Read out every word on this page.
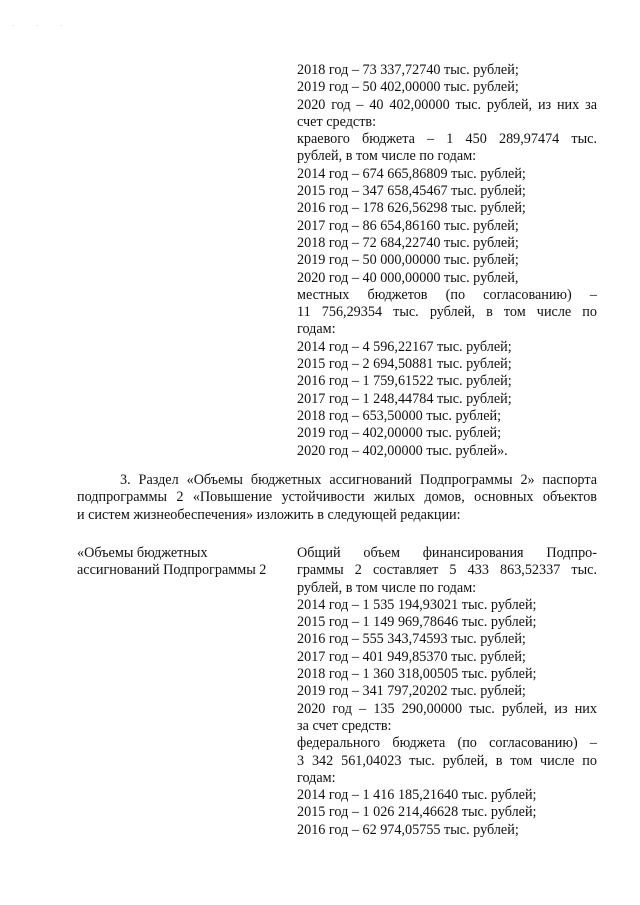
· · ·
2018 год – 73 337,72740 тыс. рублей;
2019 год – 50 402,00000 тыс. рублей;
2020 год – 40 402,00000 тыс. рублей, из них за
счет средств:
краевого бюджета – 1 450 289,97474 тыс.
рублей, в том числе по годам:
2014 год – 674 665,86809 тыс. рублей;
2015 год – 347 658,45467 тыс. рублей;
2016 год – 178 626,56298 тыс. рублей;
2017 год – 86 654,86160 тыс. рублей;
2018 год – 72 684,22740 тыс. рублей;
2019 год – 50 000,00000 тыс. рублей;
2020 год – 40 000,00000 тыс. рублей,
местных бюджетов (по согласованию) –
11 756,29354 тыс. рублей, в том числе по
годам:
2014 год – 4 596,22167 тыс. рублей;
2015 год – 2 694,50881 тыс. рублей;
2016 год – 1 759,61522 тыс. рублей;
2017 год – 1 248,44784 тыс. рублей;
2018 год – 653,50000 тыс. рублей;
2019 год – 402,00000 тыс. рублей;
2020 год – 402,00000 тыс. рублей».
3. Раздел «Объемы бюджетных ассигнований Подпрограммы 2» паспорта
подпрограммы 2 «Повышение устойчивости жилых домов, основных объектов
и систем жизнеобеспечения» изложить в следующей редакции:
«Объемы бюджетных
ассигнований Подпрограммы 2
Общий объем финансирования Подпро-
граммы 2 составляет 5 433 863,52337 тыс.
рублей, в том числе по годам:
2014 год – 1 535 194,93021 тыс. рублей;
2015 год – 1 149 969,78646 тыс. рублей;
2016 год – 555 343,74593 тыс. рублей;
2017 год – 401 949,85370 тыс. рублей;
2018 год – 1 360 318,00505 тыс. рублей;
2019 год – 341 797,20202 тыс. рублей;
2020 год – 135 290,00000 тыс. рублей, из них
за счет средств:
федерального бюджета (по согласованию) –
3 342 561,04023 тыс. рублей, в том числе по
годам:
2014 год – 1 416 185,21640 тыс. рублей;
2015 год – 1 026 214,46628 тыс. рублей;
2016 год – 62 974,05755 тыс. рублей;
